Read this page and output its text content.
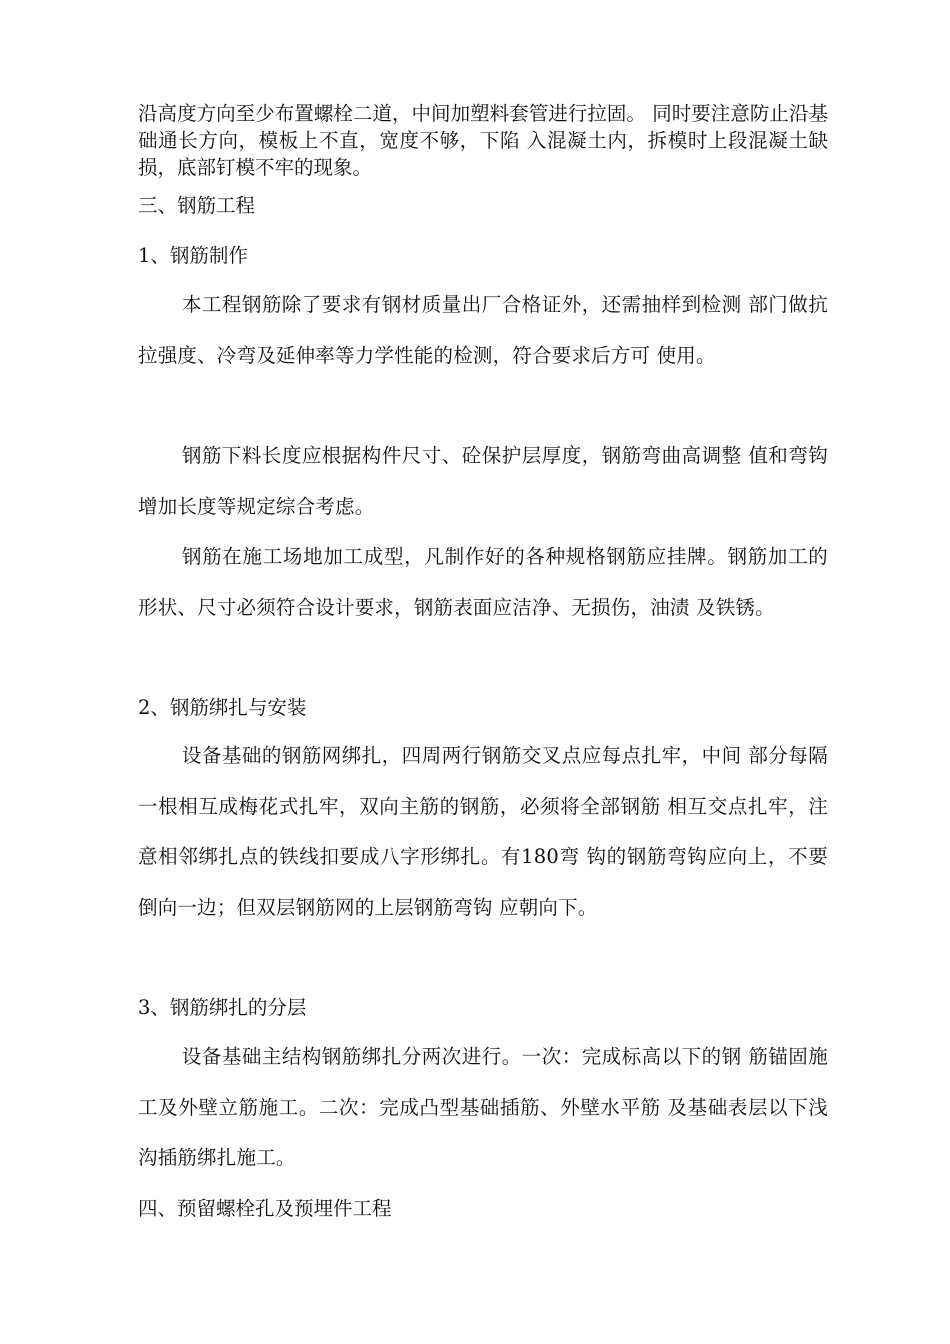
沿高度方向至少布置螺栓二道，中间加塑料套管进行拉固。 同时要注意防止沿基础通长方向，模板上不直，宽度不够，下陷 入混凝土内，拆模时上段混凝土缺损，底部钉模不牢的现象。

三、钢筋工程
1、钢筋制作

本工程钢筋除了要求有钢材质量出厂合格证外，还需抽样到检测 部门做抗拉强度、冷弯及延伸率等力学性能的检测，符合要求后方可 使用。

钢筋下料长度应根据构件尺寸、砼保护层厚度，钢筋弯曲高调整 值和弯钩增加长度等规定综合考虑。

钢筋在施工场地加工成型，凡制作好的各种规格钢筋应挂牌。钢筋加工的形状、尺寸必须符合设计要求，钢筋表面应洁净、无损伤，油渍 及铁锈。

2、钢筋绑扎与安装

设备基础的钢筋网绑扎，四周两行钢筋交叉点应每点扎牢，中间 部分每隔一根相互成梅花式扎牢，双向主筋的钢筋，必须将全部钢筋 相互交点扎牢，注意相邻绑扎点的铁线扣要成八字形绑扎。有180弯 钩的钢筋弯钩应向上，不要倒向一边；但双层钢筋网的上层钢筋弯钩 应朝向下。

3、钢筋绑扎的分层

设备基础主结构钢筋绑扎分两次进行。一次：完成标高以下的钢 筋锚固施工及外壁立筋施工。二次：完成凸型基础插筋、外壁水平筋 及基础表层以下浅沟插筋绑扎施工。

四、预留螺栓孔及预埋件工程
